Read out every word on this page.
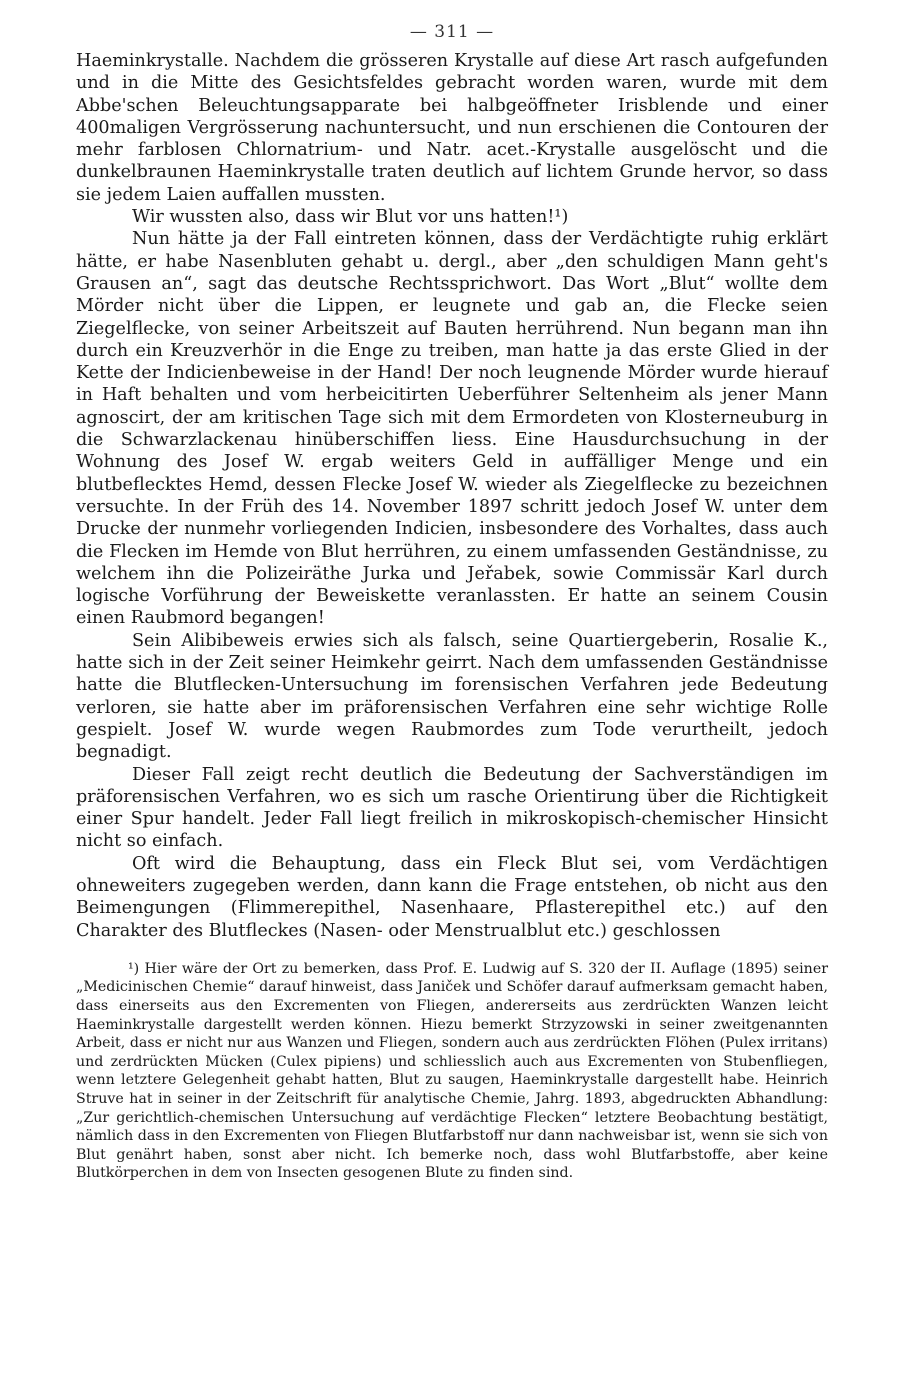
— 311 —

Haeminkrystalle. Nachdem die grösseren Krystalle auf diese Art rasch aufgefunden und in die Mitte des Gesichtsfeldes gebracht worden waren, wurde mit dem Abbe'schen Beleuchtungsapparate bei halbgeöffneter Irisblende und einer 400maligen Vergrösserung nachuntersucht, und nun erschienen die Contouren der mehr farblosen Chlornatrium- und Natr. acet.-Krystalle ausgelöscht und die dunkelbraunen Haeminkrystalle traten deutlich auf lichtem Grunde hervor, so dass sie jedem Laien auffallen mussten.

Wir wussten also, dass wir Blut vor uns hatten!¹)

Nun hätte ja der Fall eintreten können, dass der Verdächtigte ruhig erklärt hätte, er habe Nasenbluten gehabt u. dergl., aber „den schuldigen Mann geht's Grausen an“, sagt das deutsche Rechtssprichwort. Das Wort „Blut“ wollte dem Mörder nicht über die Lippen, er leugnete und gab an, die Flecke seien Ziegelflecke, von seiner Arbeitszeit auf Bauten herrührend. Nun begann man ihn durch ein Kreuzverhör in die Enge zu treiben, man hatte ja das erste Glied in der Kette der Indicienbeweise in der Hand! Der noch leugnende Mörder wurde hierauf in Haft behalten und vom herbeicitirten Ueberführer Seltenheim als jener Mann agnoscirt, der am kritischen Tage sich mit dem Ermordeten von Klosterneuburg in die Schwarzlackenau hinüberschiffen liess. Eine Hausdurchsuchung in der Wohnung des Josef W. ergab weiters Geld in auffälliger Menge und ein blutbeflecktes Hemd, dessen Flecke Josef W. wieder als Ziegelflecke zu bezeichnen versuchte. In der Früh des 14. November 1897 schritt jedoch Josef W. unter dem Drucke der nunmehr vorliegenden Indicien, insbesondere des Vorhaltes, dass auch die Flecken im Hemde von Blut herrühren, zu einem umfassenden Geständnisse, zu welchem ihn die Polizeiräthe Jurka und Jeřabek, sowie Commissär Karl durch logische Vorführung der Beweiskette veranlassten. Er hatte an seinem Cousin einen Raubmord begangen!

Sein Alibibeweis erwies sich als falsch, seine Quartiergeberin, Rosalie K., hatte sich in der Zeit seiner Heimkehr geirrt. Nach dem umfassenden Geständnisse hatte die Blutflecken-Untersuchung im forensischen Verfahren jede Bedeutung verloren, sie hatte aber im präforensischen Verfahren eine sehr wichtige Rolle gespielt. Josef W. wurde wegen Raubmordes zum Tode verurtheilt, jedoch begnadigt.

Dieser Fall zeigt recht deutlich die Bedeutung der Sachverständigen im präforensischen Verfahren, wo es sich um rasche Orientirung über die Richtigkeit einer Spur handelt. Jeder Fall liegt freilich in mikroskopisch-chemischer Hinsicht nicht so einfach.

Oft wird die Behauptung, dass ein Fleck Blut sei, vom Verdächtigen ohneweiters zugegeben werden, dann kann die Frage entstehen, ob nicht aus den Beimengungen (Flimmerepithel, Nasenhaare, Pflasterepithel etc.) auf den Charakter des Blutfleckes (Nasen- oder Menstrualblut etc.) geschlossen

¹) Hier wäre der Ort zu bemerken, dass Prof. E. Ludwig auf S. 320 der II. Auflage (1895) seiner „Medicinischen Chemie“ darauf hinweist, dass Janiček und Schöfer darauf aufmerksam gemacht haben, dass einerseits aus den Excrementen von Fliegen, andererseits aus zerdrückten Wanzen leicht Haeminkrystalle dargestellt werden können. Hiezu bemerkt Strzyzowski in seiner zweitgenannten Arbeit, dass er nicht nur aus Wanzen und Fliegen, sondern auch aus zerdrückten Flöhen (Pulex irritans) und zerdrückten Mücken (Culex pipiens) und schliesslich auch aus Excrementen von Stubenfliegen, wenn letztere Gelegenheit gehabt hatten, Blut zu saugen, Haeminkrystalle dargestellt habe. Heinrich Struve hat in seiner in der Zeitschrift für analytische Chemie, Jahrg. 1893, abgedruckten Abhandlung: „Zur gerichtlich-chemischen Untersuchung auf verdächtige Flecken“ letztere Beobachtung bestätigt, nämlich dass in den Excrementen von Fliegen Blutfarbstoff nur dann nachweisbar ist, wenn sie sich von Blut genährt haben, sonst aber nicht. Ich bemerke noch, dass wohl Blutfarbstoffe, aber keine Blutkörperchen in dem von Insecten gesogenen Blute zu finden sind.
